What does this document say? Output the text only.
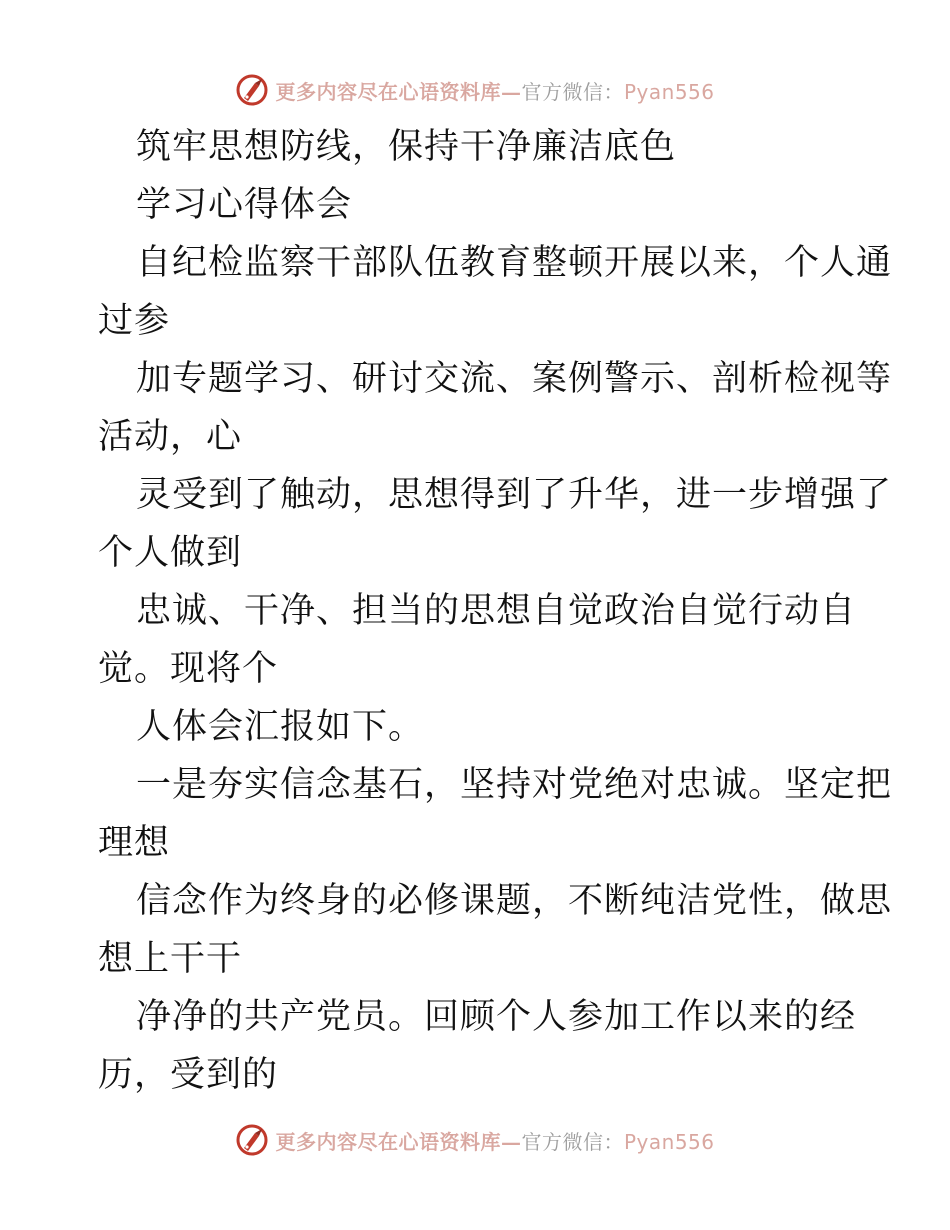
更多内容尽在心语资料库—官方微信：Pyan556
筑牢思想防线，保持干净廉洁底色
学习心得体会
自纪检监察干部队伍教育整顿开展以来，个人通
过参
加专题学习、研讨交流、案例警示、剖析检视等
活动，心
灵受到了触动，思想得到了升华，进一步增强了
个人做到
忠诚、干净、担当的思想自觉政治自觉行动自
觉。现将个
人体会汇报如下。
一是夯实信念基石，坚持对党绝对忠诚。坚定把
理想
信念作为终身的必修课题，不断纯洁党性，做思
想上干干
净净的共产党员。回顾个人参加工作以来的经
历，受到的
更多内容尽在心语资料库—官方微信：Pyan556
